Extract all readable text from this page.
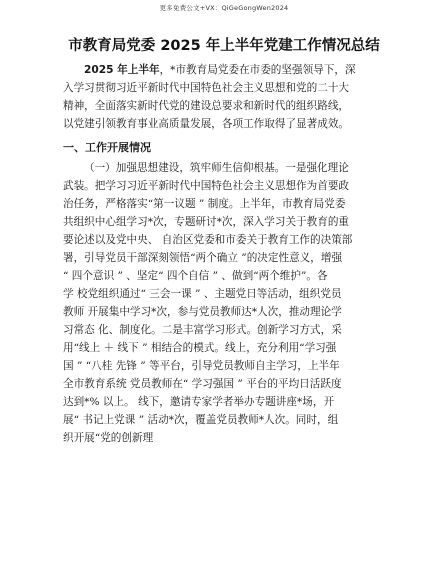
更多免费公文+VX：QiGeGongWen2024
市教育局党委 2025 年上半年党建工作情况总结

2025 年上半年，*市教育局党委在市委的坚强领导下，深

入学习贯彻习近平新时代中国特色社会主义思想和党的二十大

精神，全面落实新时代党的建设总要求和新时代的组织路线，

以党建引领教育事业高质量发展，各项工作取得了显著成效。

一、工作开展情况

（一）加强思想建设，筑牢师生信仰根基。一是强化理论

武装。把学习习近平新时代中国特色社会主义思想作为首要政

治任务，严格落实“第一议题 ” 制度。上半年，市教育局党委

共组织中心组学习*次，专题研讨*次，深入学习关于教育的重

要论述以及党中央、 自治区党委和市委关于教育工作的决策部

署，引导党员干部深刻领悟“两个确立 ”的决定性意义，增强

“ 四个意识 ” 、坚定“ 四个自信 ” 、做到“两个维护”。各

学 校党组织通过“ 三会一课 ” 、主题党日等活动，组织党员

教师 开展集中学习*次，参与党员教师达*人次，推动理论学

习常态 化、制度化。二是丰富学习形式。创新学习方式，采

用“线上 ＋ 线下 ” 相结合的模式。线上，充分利用“学习强

国 ” “八桂 先锋 ” 等平台，引导党员教师自主学习，上半年

全市教育系统 党员教师在“ 学习强国 ” 平台的平均日活跃度

达到*% 以上。 线下，邀请专家学者举办专题讲座*场，开

展“ 书记上党课 ” 活动*次，覆盖党员教师*人次。同时，组

织开展“党的创新理
